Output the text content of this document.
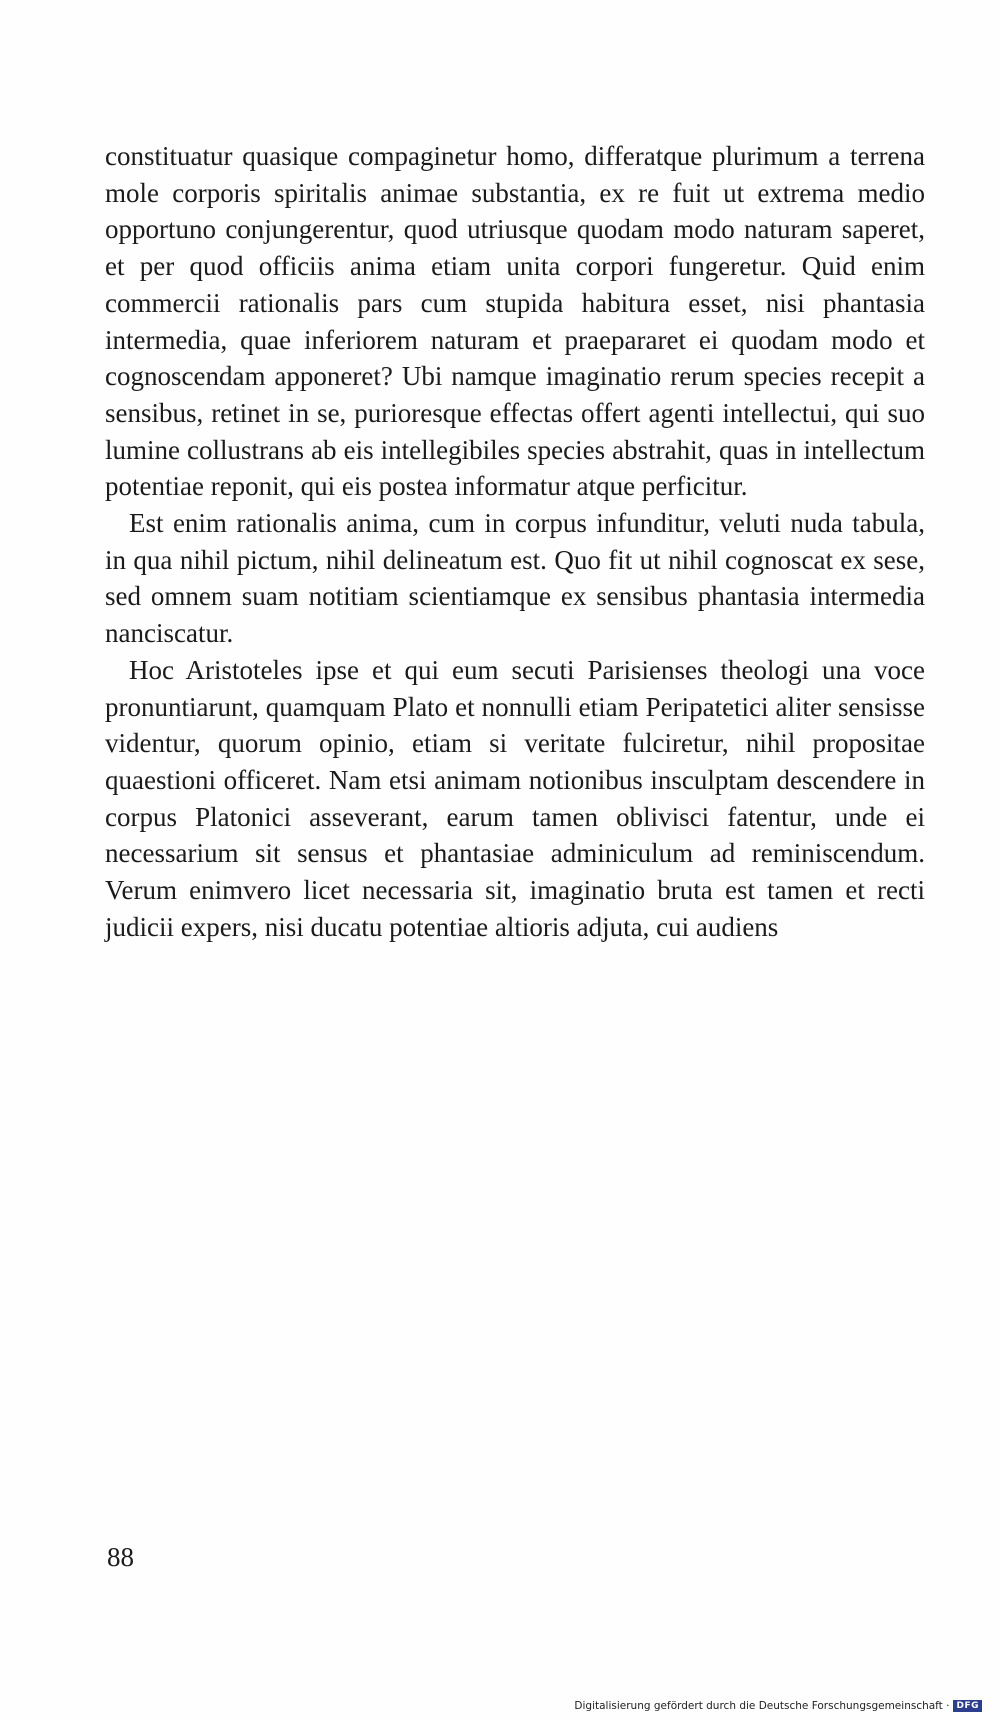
constituatur quasique compaginetur homo, differatque plurimum a terrena mole corporis spiritalis animae substantia, ex re fuit ut extrema medio opportuno conjungerentur, quod utriusque quodam modo naturam saperet, et per quod officiis anima etiam unita corpori fungeretur. Quid enim commercii rationalis pars cum stupida habitura esset, nisi phantasia intermedia, quae inferiorem naturam et praepararet ei quodam modo et cognoscendam apponeret? Ubi namque imaginatio rerum species recepit a sensibus, retinet in se, purioresque effectas offert agenti intellectui, qui suo lumine collustrans ab eis intellegibiles species abstrahit, quas in intellectum potentiae reponit, qui eis postea informatur atque perficitur.

Est enim rationalis anima, cum in corpus infunditur, veluti nuda tabula, in qua nihil pictum, nihil delineatum est. Quo fit ut nihil cognoscat ex sese, sed omnem suam notitiam scientiamque ex sensibus phantasia intermedia nanciscatur.

Hoc Aristoteles ipse et qui eum secuti Parisienses theologi una voce pronuntiarunt, quamquam Plato et nonnulli etiam Peripatetici aliter sensisse videntur, quorum opinio, etiam si veritate fulciretur, nihil propositae quaestioni officeret. Nam etsi animam notionibus insculptam descendere in corpus Platonici asseverant, earum tamen oblivisci fatentur, unde ei necessarium sit sensus et phantasiae adminiculum ad reminiscendum. Verum enimvero licet necessaria sit, imaginatio bruta est tamen et recti judicii expers, nisi ducatu potentiae altioris adjuta, cui audiens

88
Digitalisierung gefördert durch die Deutsche Forschungsgemeinschaft · DFG
